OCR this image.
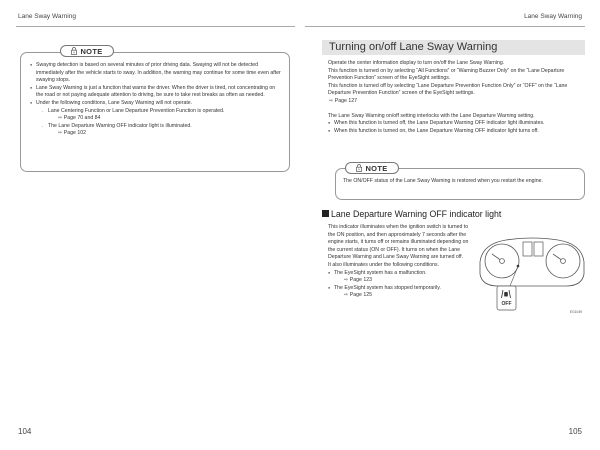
Lane Sway Warning
● Swaying detection is based on several minutes of prior driving data. Swaying will not be detected immediately after the vehicle starts to sway. In addition, the warning may continue for some time even after swaying stops.
● Lane Sway Warning is just a function that warns the driver. When the driver is tired, not concentrating on the road or not paying adequate attention to driving, be sure to take rest breaks as often as needed.
● Under the following conditions, Lane Sway Warning will not operate.
- Lane Centering Function or Lane Departure Prevention Function is operated.
⇨ Page 70 and 84
- The Lane Departure Warning OFF indicator light is illuminated.
⇨ Page 102
NOTE
104
Lane Sway Warning
105
Turning on/off Lane Sway Warning
Operate the center information display to turn on/off the Lane Sway Warning.
This function is turned on by selecting “All Functions” or “Warning Buzzer Only” on the “Lane Departure Prevention Function” screen of the EyeSight settings.
This function is turned off by selecting “Lane Departure Prevention Function Only” or “OFF” on the “Lane Departure Prevention Function” screen of the EyeSight settings.
⇨ Page 127
The Lane Sway Warning on/off setting interlocks with the Lane Departure Warning setting.
● When this function is turned off, the Lane Departure Warning OFF indicator light illuminates.
● When this function is turned on, the Lane Departure Warning OFF indicator light turns off.
The ON/OFF status of the Lane Sway Warning is restored when you restart the engine.
NOTE
Lane Departure Warning OFF indicator light
This indicator illuminates when the ignition switch is turned to the ON position, and then approximately 7 seconds after the engine starts, it turns off or remains illuminated depending on the current status (ON or OFF). It turns on when the Lane Departure Warning and Lane Sway Warning are turned off.
It also illuminates under the following conditions.
● The EyeSight system has a malfunction.
⇨ Page 123
● The EyeSight system has stopped temporarily.
⇨ Page 125
OFF
EG1049
